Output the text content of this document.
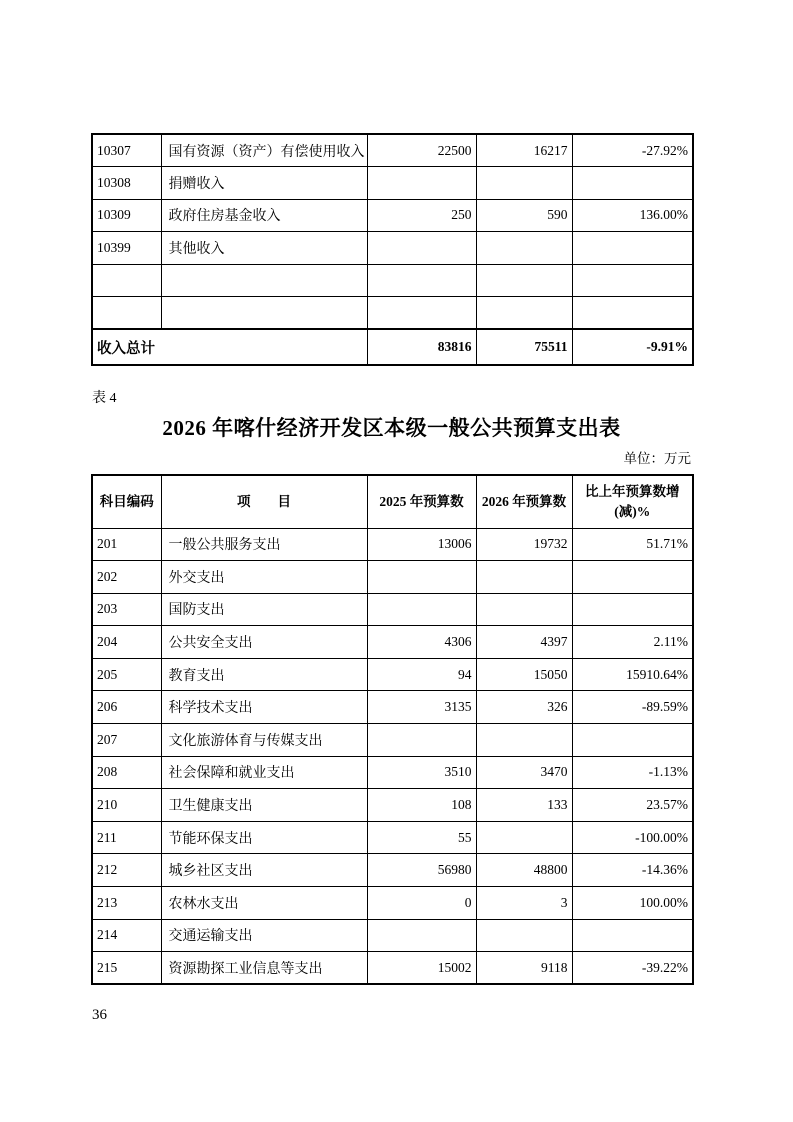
10307	国有资源（资产）有偿使用收入	22500	16217	-27.92%
10308	捐赠收入			
10309	政府住房基金收入	250	590	136.00%
10399	其他收入			

收入总计		83816	75511	-9.91%
表 4
2026 年喀什经济开发区本级一般公共预算支出表
单位：万元
科目编码	项　　目	2025 年预算数	2026 年预算数	比上年预算数增
(减)%

201	一般公共服务支出	13006	19732	51.71%
202	外交支出			
203	国防支出			
204	公共安全支出	4306	4397	2.11%
205	教育支出	94	15050	15910.64%
206	科学技术支出	3135	326	-89.59%
207	文化旅游体育与传媒支出			
208	社会保障和就业支出	3510	3470	-1.13%
210	卫生健康支出	108	133	23.57%
211	节能环保支出	55		-100.00%
212	城乡社区支出	56980	48800	-14.36%
213	农林水支出	0	3	100.00%
214	交通运输支出			
215	资源勘探工业信息等支出	15002	9118	-39.22%
36
